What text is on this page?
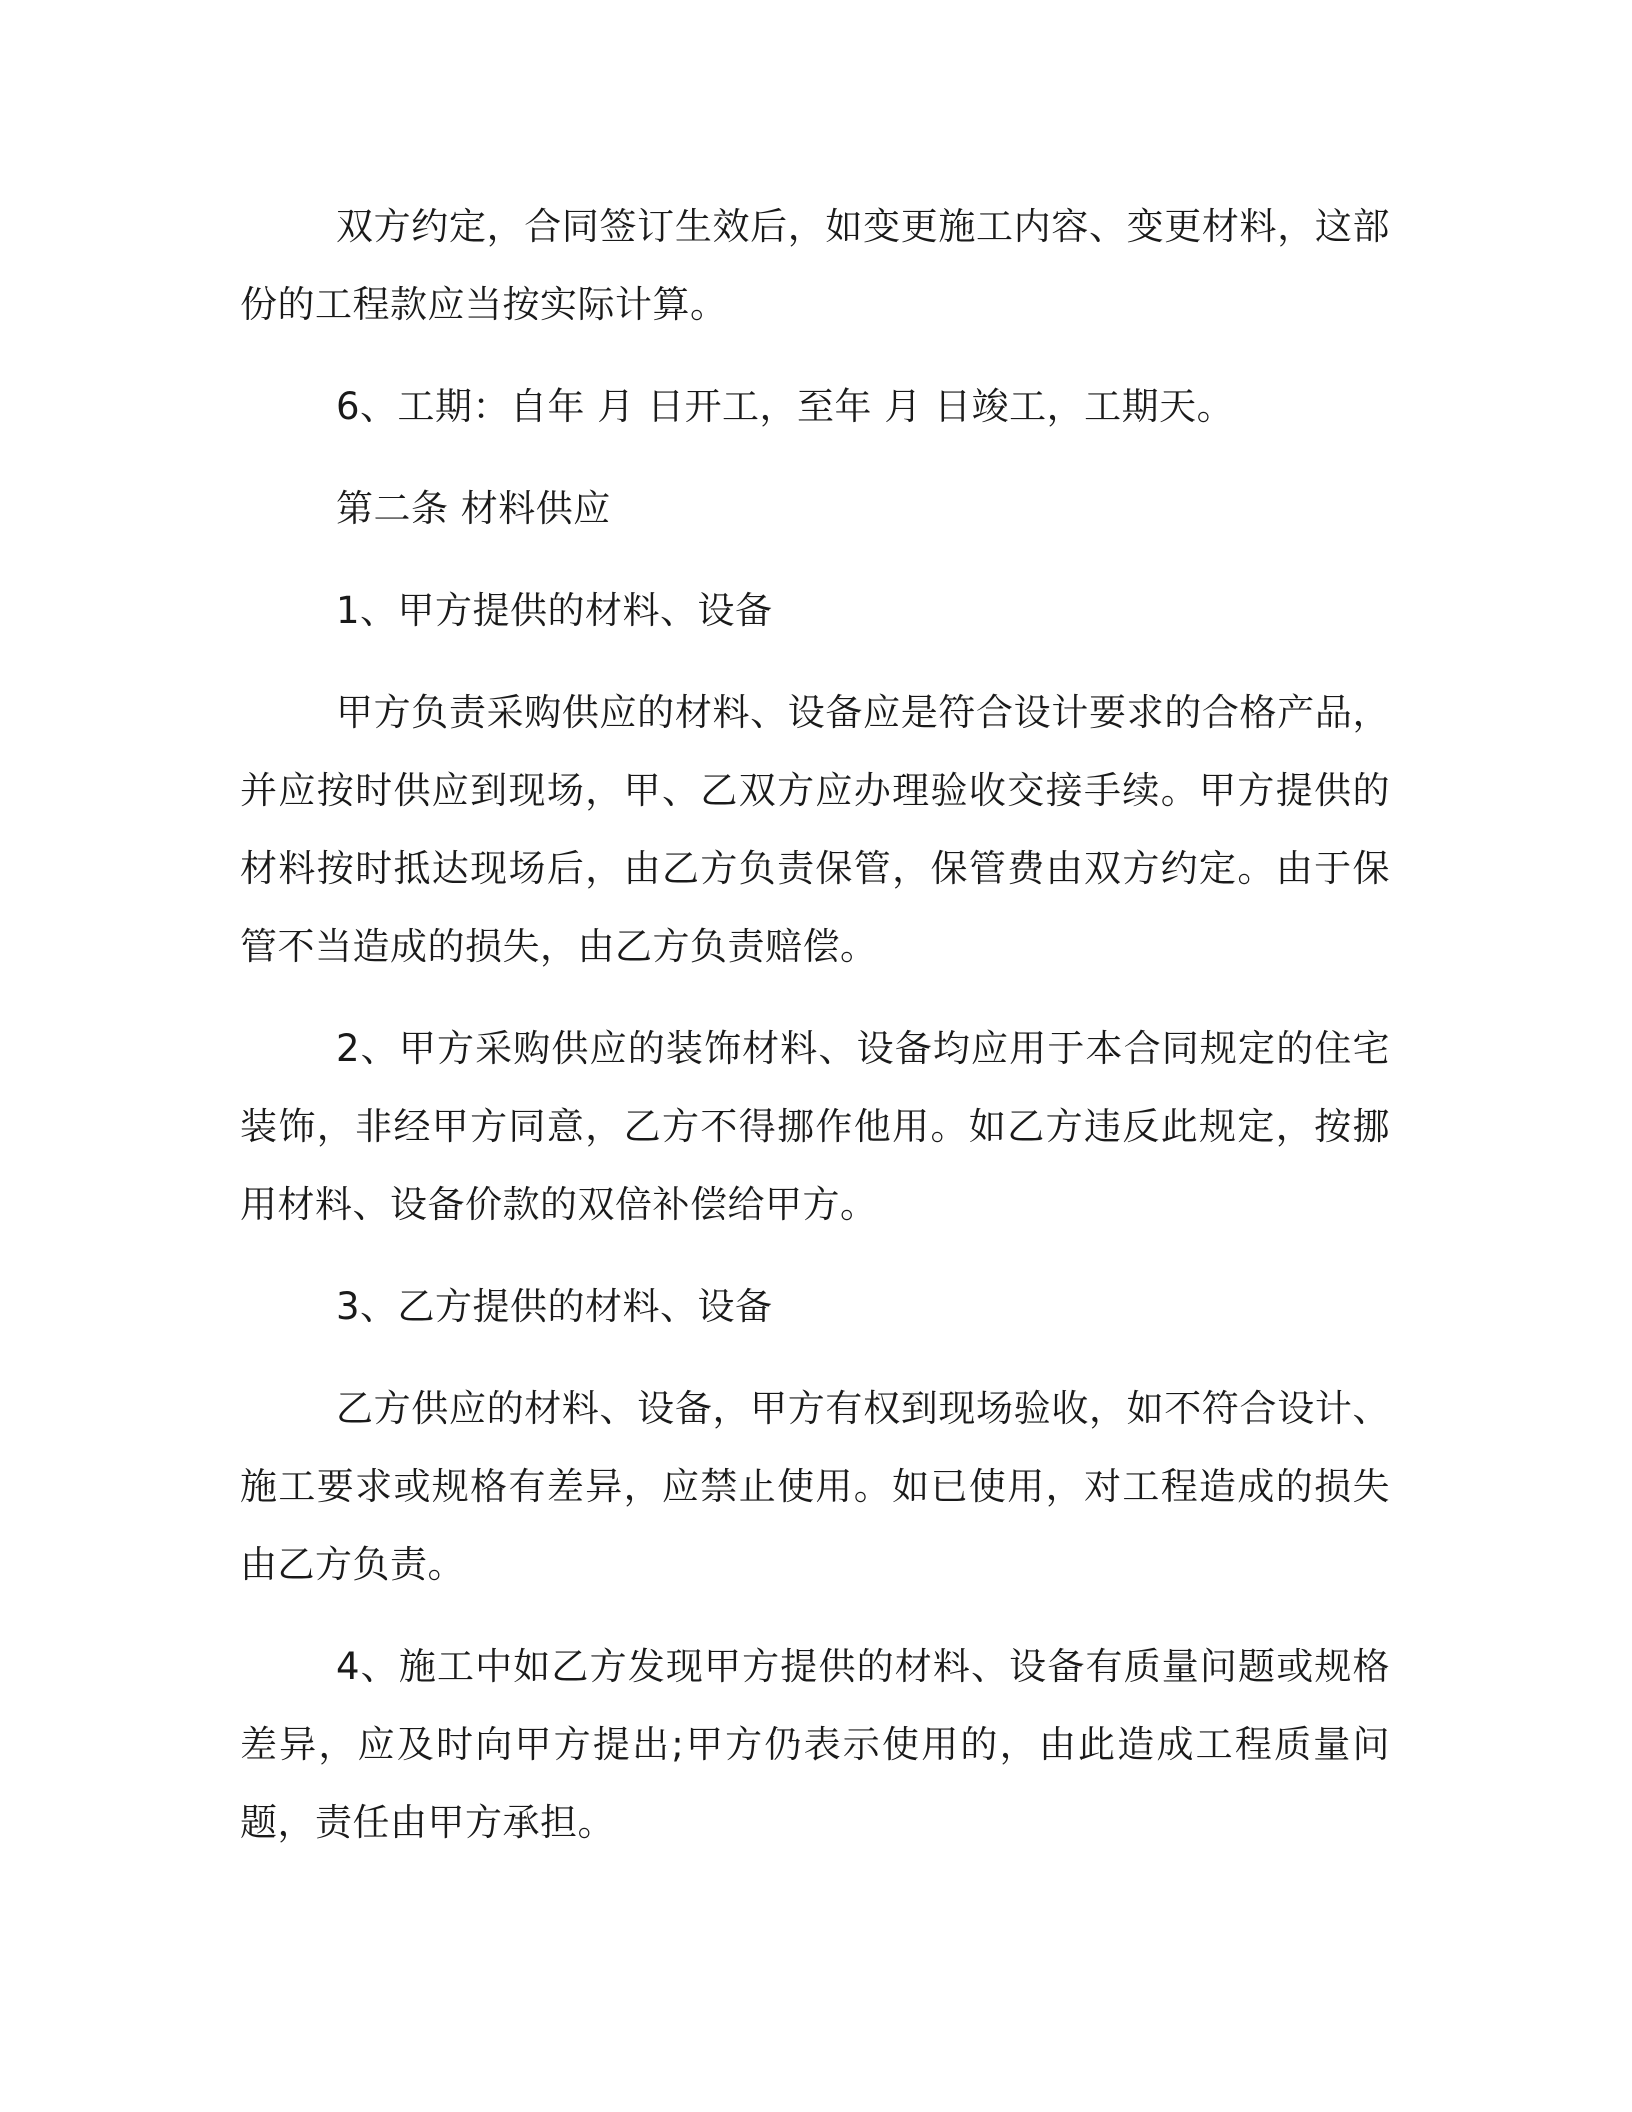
双方约定，合同签订生效后，如变更施工内容、变更材料，这部份的工程款应当按实际计算。

6、工期：自年 月 日开工，至年 月 日竣工，工期天。

第二条 材料供应

1、甲方提供的材料、设备

甲方负责采购供应的材料、设备应是符合设计要求的合格产品，并应按时供应到现场，甲、乙双方应办理验收交接手续。甲方提供的材料按时抵达现场后，由乙方负责保管，保管费由双方约定。由于保管不当造成的损失，由乙方负责赔偿。

2、甲方采购供应的装饰材料、设备均应用于本合同规定的住宅装饰，非经甲方同意，乙方不得挪作他用。如乙方违反此规定，按挪用材料、设备价款的双倍补偿给甲方。

3、乙方提供的材料、设备

乙方供应的材料、设备，甲方有权到现场验收，如不符合设计、施工要求或规格有差异，应禁止使用。如已使用，对工程造成的损失由乙方负责。

4、施工中如乙方发现甲方提供的材料、设备有质量问题或规格差异，应及时向甲方提出;甲方仍表示使用的，由此造成工程质量问题，责任由甲方承担。
